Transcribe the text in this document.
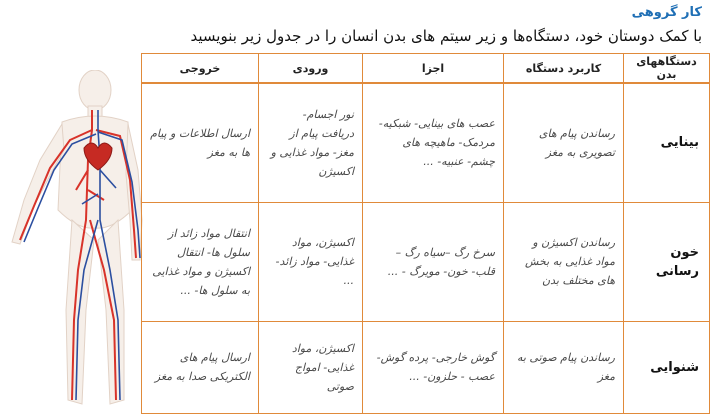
کار گروهی
با کمک دوستان خود، دستگاه‌ها و زیر سیتم های بدن انسان را در جدول زیر بنویسید
دستگاههای بدن	کاربرد دستگاه	اجزا	ورودی	خروجی
بینایی	رساندن پیام های تصویری به مغز	عصب های بینایی- شبکیه- مردمک- ماهیچه های چشم- عنبیه- ...	نور اجسام- دریافت پیام از مغز- مواد غذایی و اکسیژن	ارسال اطلاعات و پیام ها به مغز
خون رسانی	رساندن اکسیژن و مواد غذایی به بخش های مختلف بدن	سرخ رگ –سیاه رگ – قلب- خون- مویرگ - ...	اکسیژن، مواد غذایی- مواد زائد- ...	انتقال مواد زائد از سلول ها- انتقال اکسیژن و مواد غذایی به سلول ها- ...
شنوایی	رساندن پیام صوتی به مغز	گوش خارجی- پرده گوش- عصب - حلزون- ...	اکسیژن، مواد غذایی- امواج صوتی	ارسال پیام های الکتریکی صدا به مغز
